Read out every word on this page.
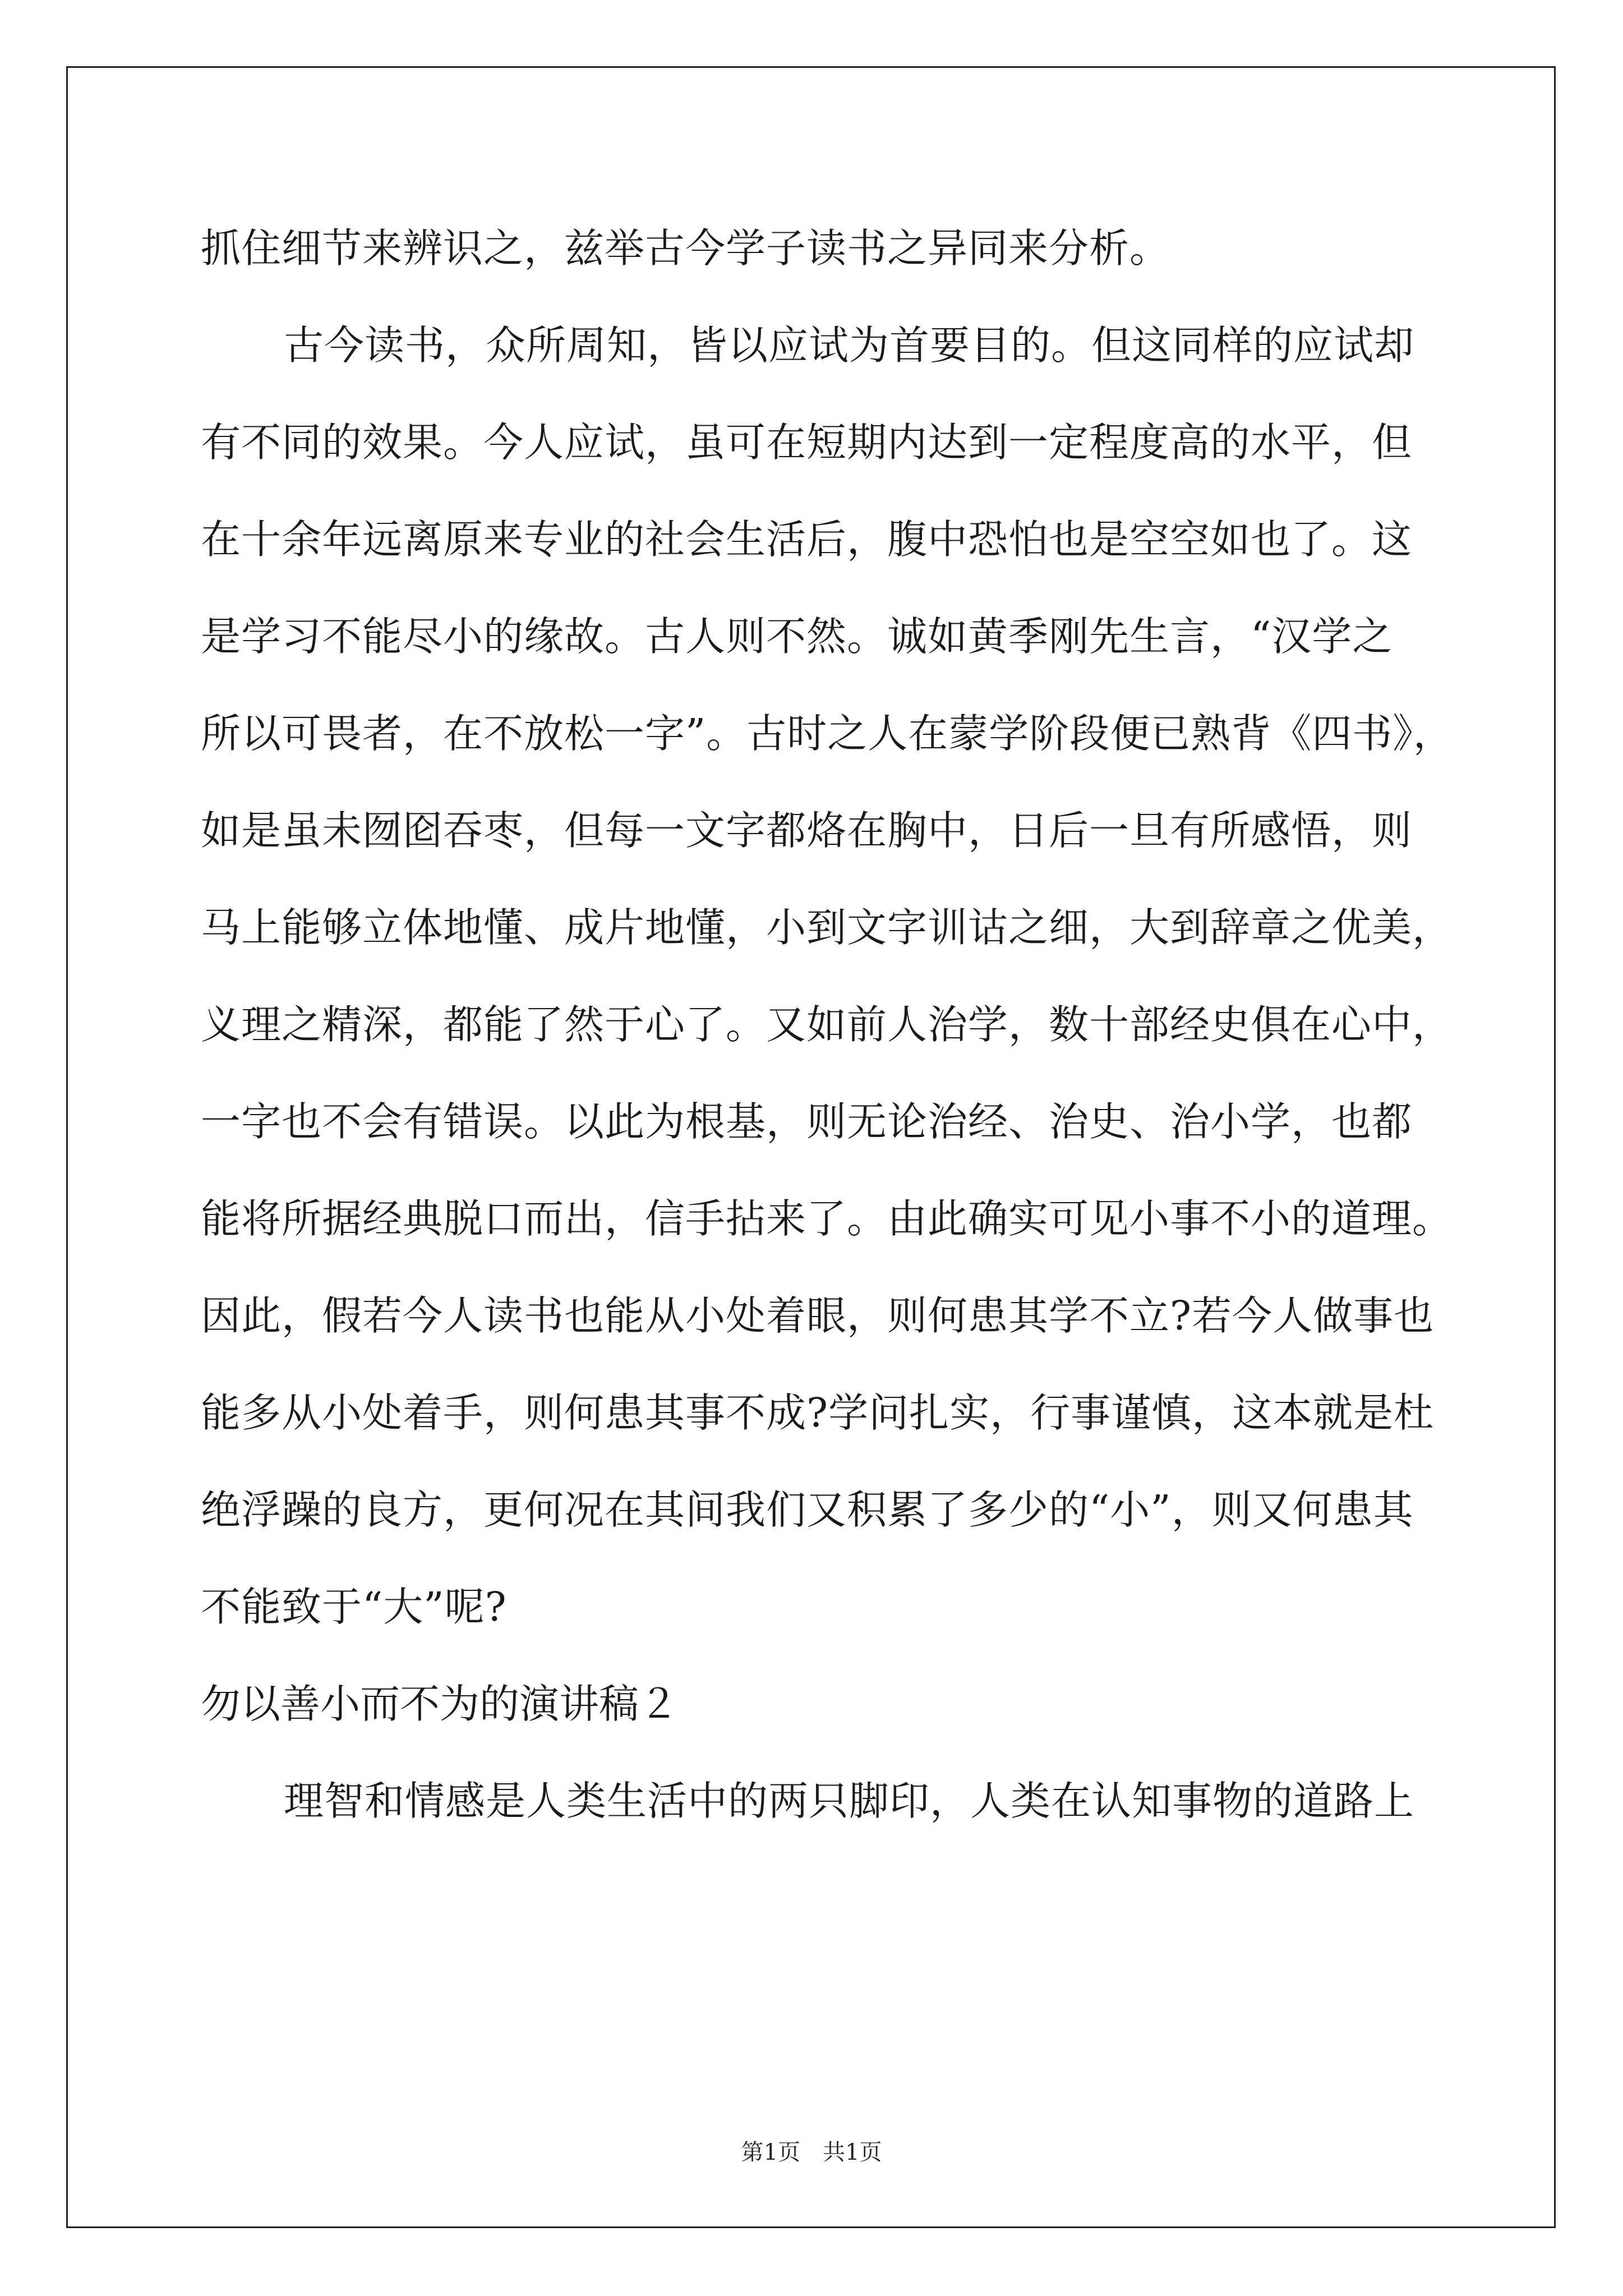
抓住细节来辨识之，兹举古今学子读书之异同来分析。
古今读书，众所周知，皆以应试为首要目的。但这同样的应试却
有不同的效果。今人应试，虽可在短期内达到一定程度高的水平，但
在十余年远离原来专业的社会生活后，腹中恐怕也是空空如也了。这
是学习不能尽小的缘故。古人则不然。诚如黄季刚先生言，“汉学之
所以可畏者，在不放松一字”。古时之人在蒙学阶段便已熟背《四书》，
如是虽未囫囵吞枣，但每一文字都烙在胸中，日后一旦有所感悟，则
马上能够立体地懂、成片地懂，小到文字训诂之细，大到辞章之优美，
义理之精深，都能了然于心了。又如前人治学，数十部经史俱在心中，
一字也不会有错误。以此为根基，则无论治经、治史、治小学，也都
能将所据经典脱口而出，信手拈来了。由此确实可见小事不小的道理。
因此，假若今人读书也能从小处着眼，则何患其学不立?若今人做事也
能多从小处着手，则何患其事不成?学问扎实，行事谨慎，这本就是杜
绝浮躁的良方，更何况在其间我们又积累了多少的“小”，则又何患其
不能致于“大”呢?
勿以善小而不为的演讲稿２
理智和情感是人类生活中的两只脚印，人类在认知事物的道路上
第1页　共1页
